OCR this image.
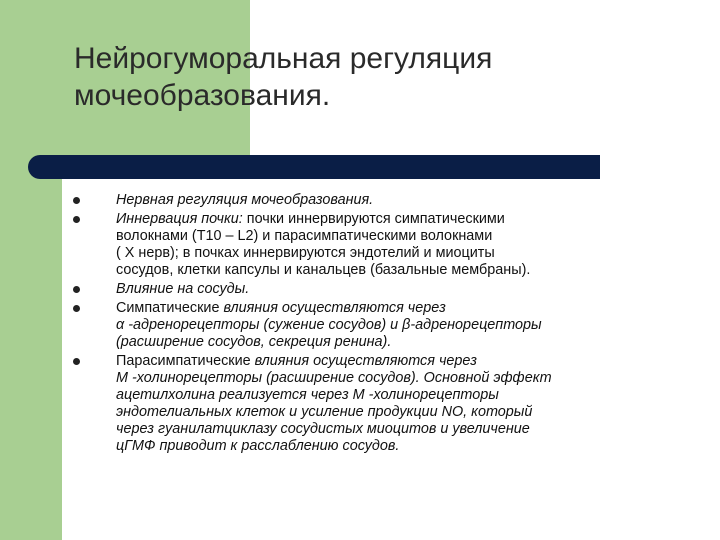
Нейрогуморальная регуляция мочеобразования.
Нервная регуляция мочеобразования.
Иннервация почки: почки иннервируются симпатическими
волокнами (Т10 – L2) и парасимпатическими волокнами
( X нерв); в почках иннервируются эндотелий и миоциты
сосудов, клетки капсулы и канальцев (базальные мембраны).
Влияние на сосуды.
Симпатические влияния осуществляются через
α -адренорецепторы (сужение сосудов) и β-адренорецепторы
(расширение сосудов, секреция ренина).
Парасимпатические влияния осуществляются через
М -холинорецепторы (расширение сосудов). Основной эффект
ацетилхолина реализуется через М -холинорецепторы
эндотелиальных клеток и усиление продукции NO, который
через гуанилатциклазу сосудистых миоцитов и увеличение
цГМФ приводит к расслаблению сосудов.
